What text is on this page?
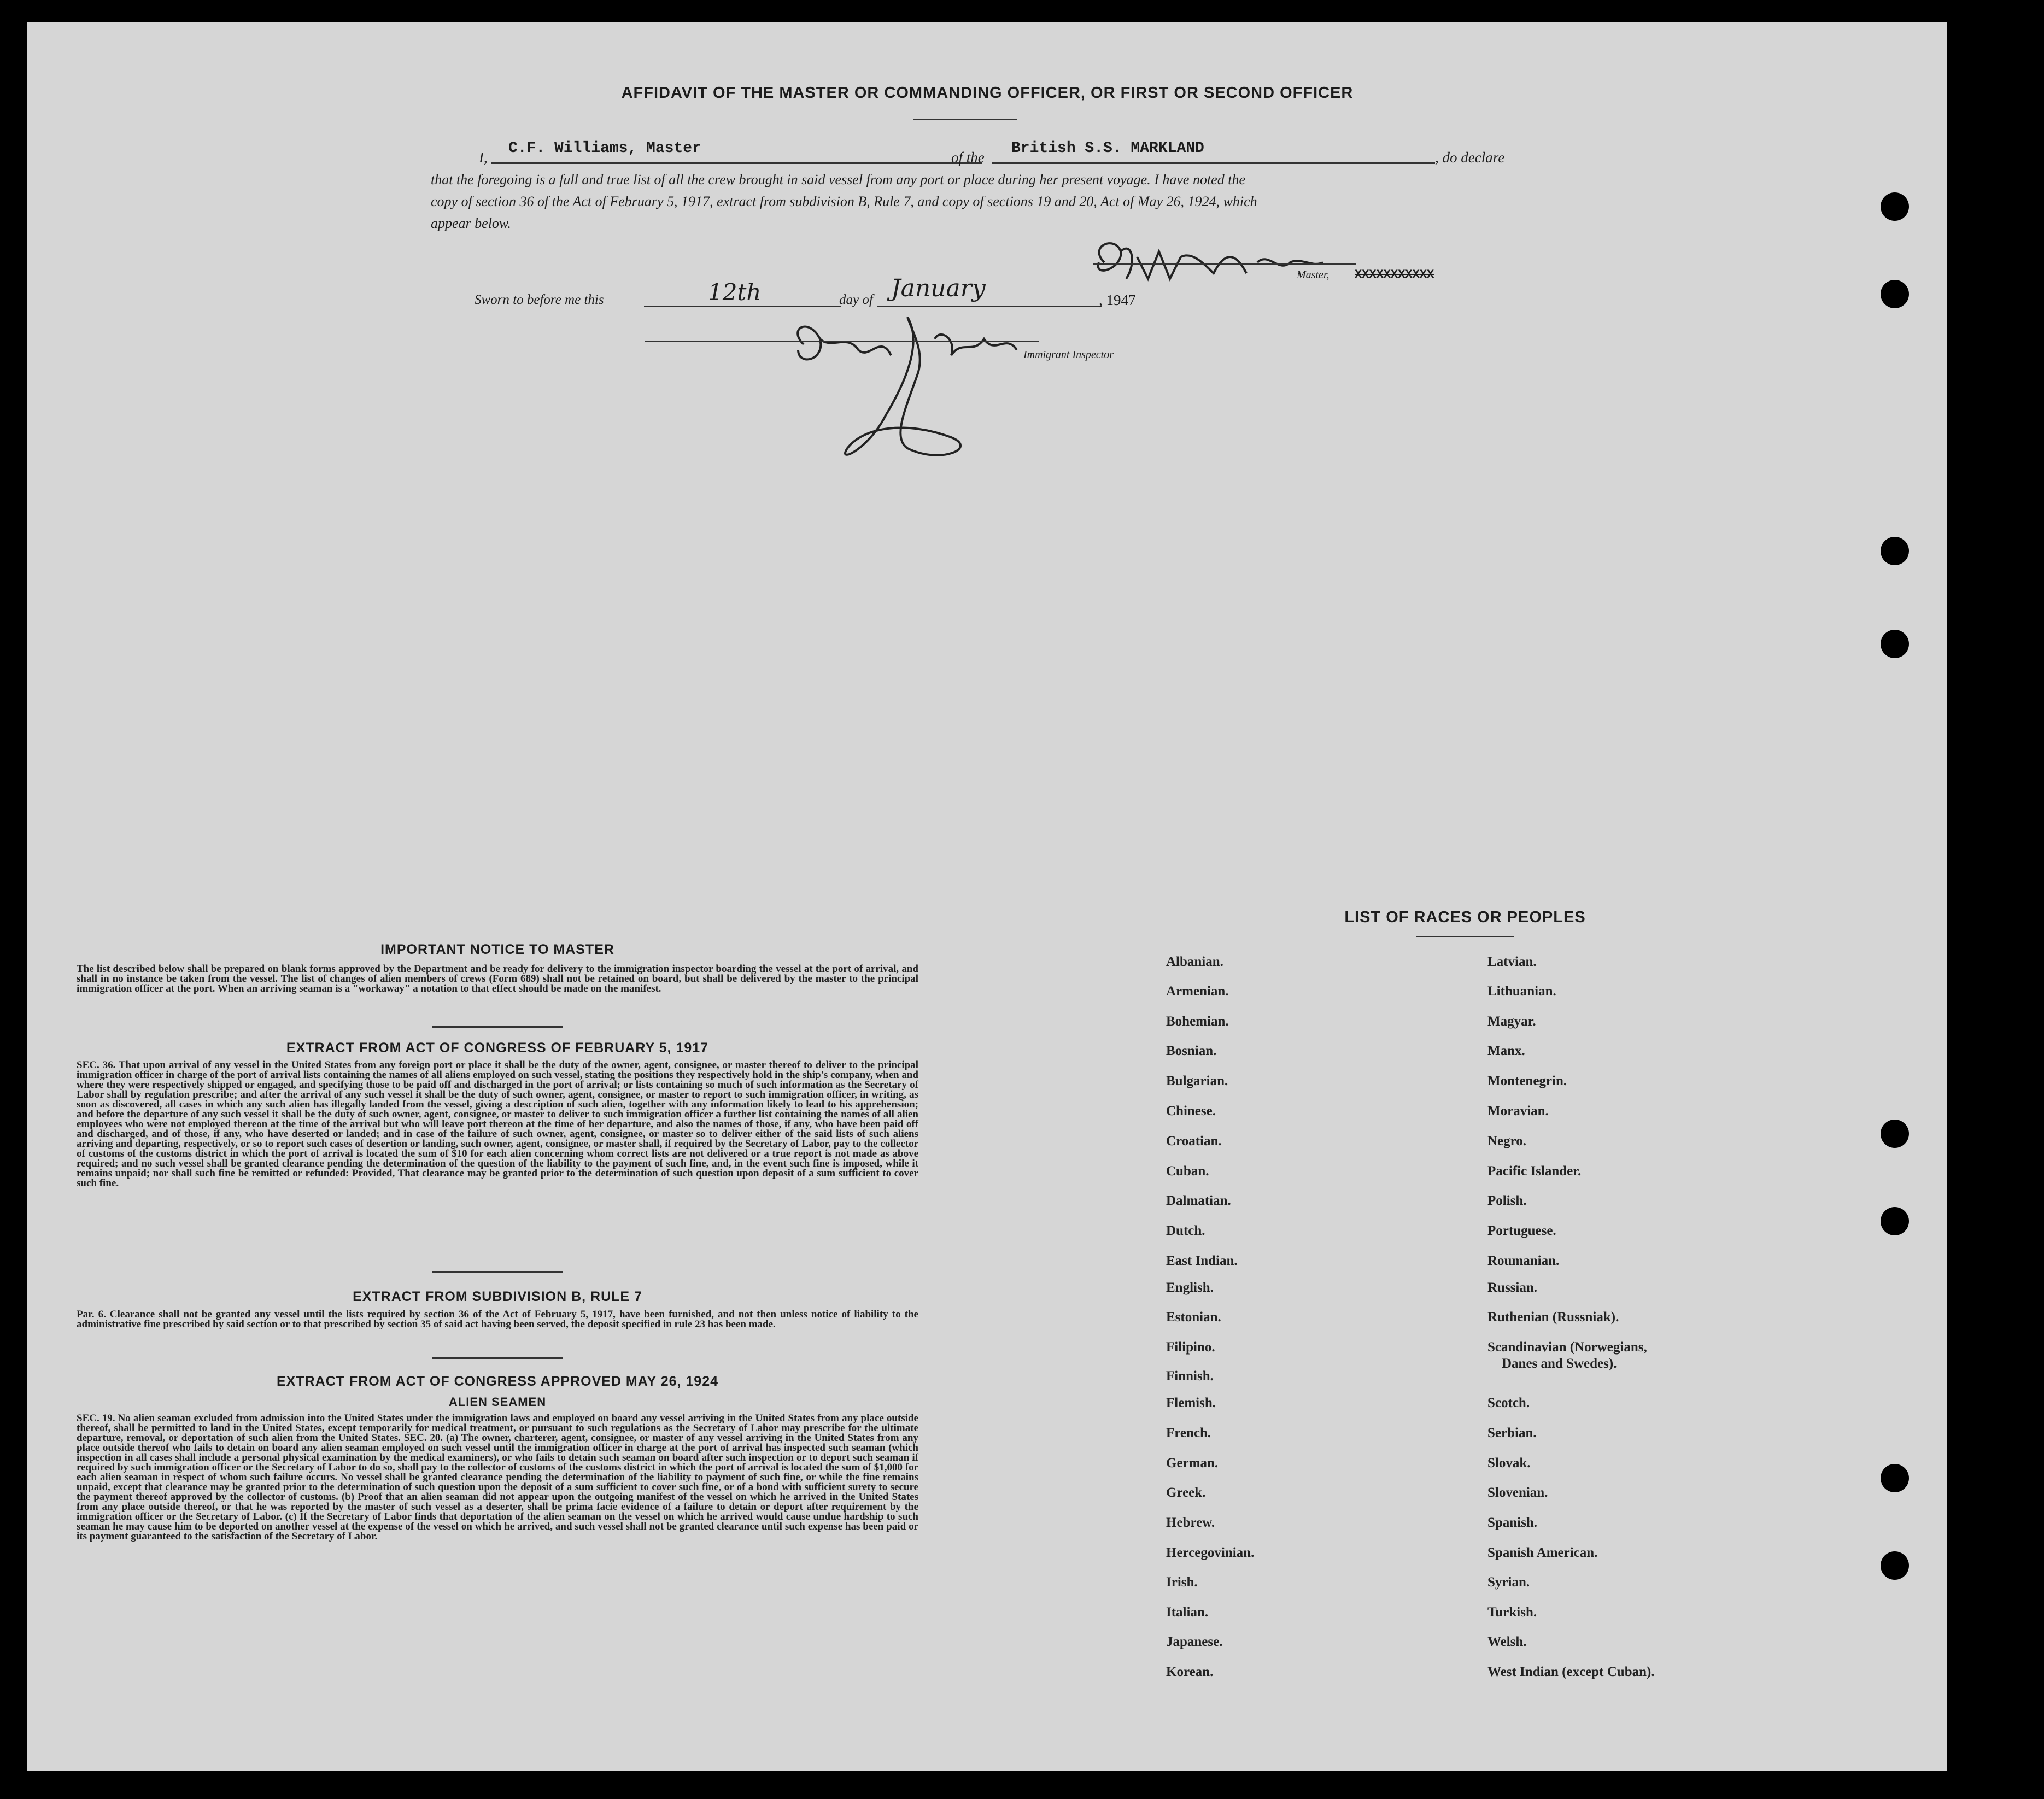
AFFIDAVIT OF THE MASTER OR COMMANDING OFFICER, OR FIRST OR SECOND OFFICER
I,
C.F. Williams, Master
of the
British S.S. MARKLAND
, do declare
that the foregoing is a full and true list of all the crew brought in said vessel from any port or place during her present voyage. I have noted the
copy of section 36 of the Act of February 5, 1917, extract from subdivision B, Rule 7, and copy of sections 19 and 20, Act of May 26, 1924, which
appear below.
Master, XXXXXXXXXXX
Sworn to before me this	12th	day of January	, 1947
Immigrant Inspector
IMPORTANT NOTICE TO MASTER
The list described below shall be prepared on blank forms approved by the Department and be ready for delivery to the immigration inspector boarding the vessel at the port of arrival, and shall in no instance be taken from the vessel. The list of changes of alien members of crews (Form 689) shall not be retained on board, but shall be delivered by the master to the principal immigration officer at the port. When an arriving seaman is a "workaway" a notation to that effect should be made on the manifest.
EXTRACT FROM ACT OF CONGRESS OF FEBRUARY 5, 1917
SEC. 36. That upon arrival of any vessel in the United States from any foreign port or place it shall be the duty of the owner, agent, consignee, or master thereof to deliver to the principal immigration officer in charge of the port of arrival lists containing the names of all aliens employed on such vessel, stating the positions they respectively hold in the ship's company, when and where they were respectively shipped or engaged, and specifying those to be paid off and discharged in the port of arrival; or lists containing so much of such information as the Secretary of Labor shall by regulation prescribe; and after the arrival of any such vessel it shall be the duty of such owner, agent, consignee, or master to report to such immigration officer, in writing, as soon as discovered, all cases in which any such alien has illegally landed from the vessel, giving a description of such alien, together with any information likely to lead to his apprehension; and before the departure of any such vessel it shall be the duty of such owner, agent, consignee, or master to deliver to such immigration officer a further list containing the names of all alien employees who were not employed thereon at the time of the arrival but who will leave port thereon at the time of her departure, and also the names of those, if any, who have been paid off and discharged, and of those, if any, who have deserted or landed; and in case of the failure of such owner, agent, consignee, or master so to deliver either of the said lists of such aliens arriving and departing, respectively, or so to report such cases of desertion or landing, such owner, agent, consignee, or master shall, if required by the Secretary of Labor, pay to the collector of customs of the customs district in which the port of arrival is located the sum of $10 for each alien concerning whom correct lists are not delivered or a true report is not made as above required; and no such vessel shall be granted clearance pending the determination of the question of the liability to the payment of such fine, and, in the event such fine is imposed, while it remains unpaid; nor shall such fine be remitted or refunded: Provided, That clearance may be granted prior to the determination of such question upon deposit of a sum sufficient to cover such fine.
EXTRACT FROM SUBDIVISION B, RULE 7
Par. 6. Clearance shall not be granted any vessel until the lists required by section 36 of the Act of February 5, 1917, have been furnished, and not then unless notice of liability to the administrative fine prescribed by said section or to that prescribed by section 35 of said act having been served, the deposit specified in rule 23 has been made.
EXTRACT FROM ACT OF CONGRESS APPROVED MAY 26, 1924
ALIEN SEAMEN
SEC. 19. No alien seaman excluded from admission into the United States under the immigration laws and employed on board any vessel arriving in the United States from any place outside thereof, shall be permitted to land in the United States, except temporarily for medical treatment, or pursuant to such regulations as the Secretary of Labor may prescribe for the ultimate departure, removal, or deportation of such alien from the United States. SEC. 20. (a) The owner, charterer, agent, consignee, or master of any vessel arriving in the United States from any place outside thereof who fails to detain on board any alien seaman employed on such vessel until the immigration officer in charge at the port of arrival has inspected such seaman (which inspection in all cases shall include a personal physical examination by the medical examiners), or who fails to detain such seaman on board after such inspection or to deport such seaman if required by such immigration officer or the Secretary of Labor to do so, shall pay to the collector of customs of the customs district in which the port of arrival is located the sum of $1,000 for each alien seaman in respect of whom such failure occurs. No vessel shall be granted clearance pending the determination of the liability to payment of such fine, or while the fine remains unpaid, except that clearance may be granted prior to the determination of such question upon the deposit of a sum sufficient to cover such fine, or of a bond with sufficient surety to secure the payment thereof approved by the collector of customs. (b) Proof that an alien seaman did not appear upon the outgoing manifest of the vessel on which he arrived in the United States from any place outside thereof, or that he was reported by the master of such vessel as a deserter, shall be prima facie evidence of a failure to detain or deport after requirement by the immigration officer or the Secretary of Labor. (c) If the Secretary of Labor finds that deportation of the alien seaman on the vessel on which he arrived would cause undue hardship to such seaman he may cause him to be deported on another vessel at the expense of the vessel on which he arrived, and such vessel shall not be granted clearance until such expense has been paid or its payment guaranteed to the satisfaction of the Secretary of Labor.
LIST OF RACES OR PEOPLES
Albanian.
Armenian.
Bohemian.
Bosnian.
Bulgarian.
Chinese.
Croatian.
Cuban.
Dalmatian.
Dutch.
East Indian.
English.
Estonian.
Filipino.
Finnish.
Flemish.
French.
German.
Greek.
Hebrew.
Hercegovinian.
Irish.
Italian.
Japanese.
Korean.
Latvian.
Lithuanian.
Magyar.
Manx.
Montenegrin.
Moravian.
Negro.
Pacific Islander.
Polish.
Portuguese.
Roumanian.
Russian.
Ruthenian (Russniak).
Scandinavian (Norwegians,
Danes and Swedes).
Scotch.
Serbian.
Slovak.
Slovenian.
Spanish.
Spanish American.
Syrian.
Turkish.
Welsh.
West Indian (except Cuban).
